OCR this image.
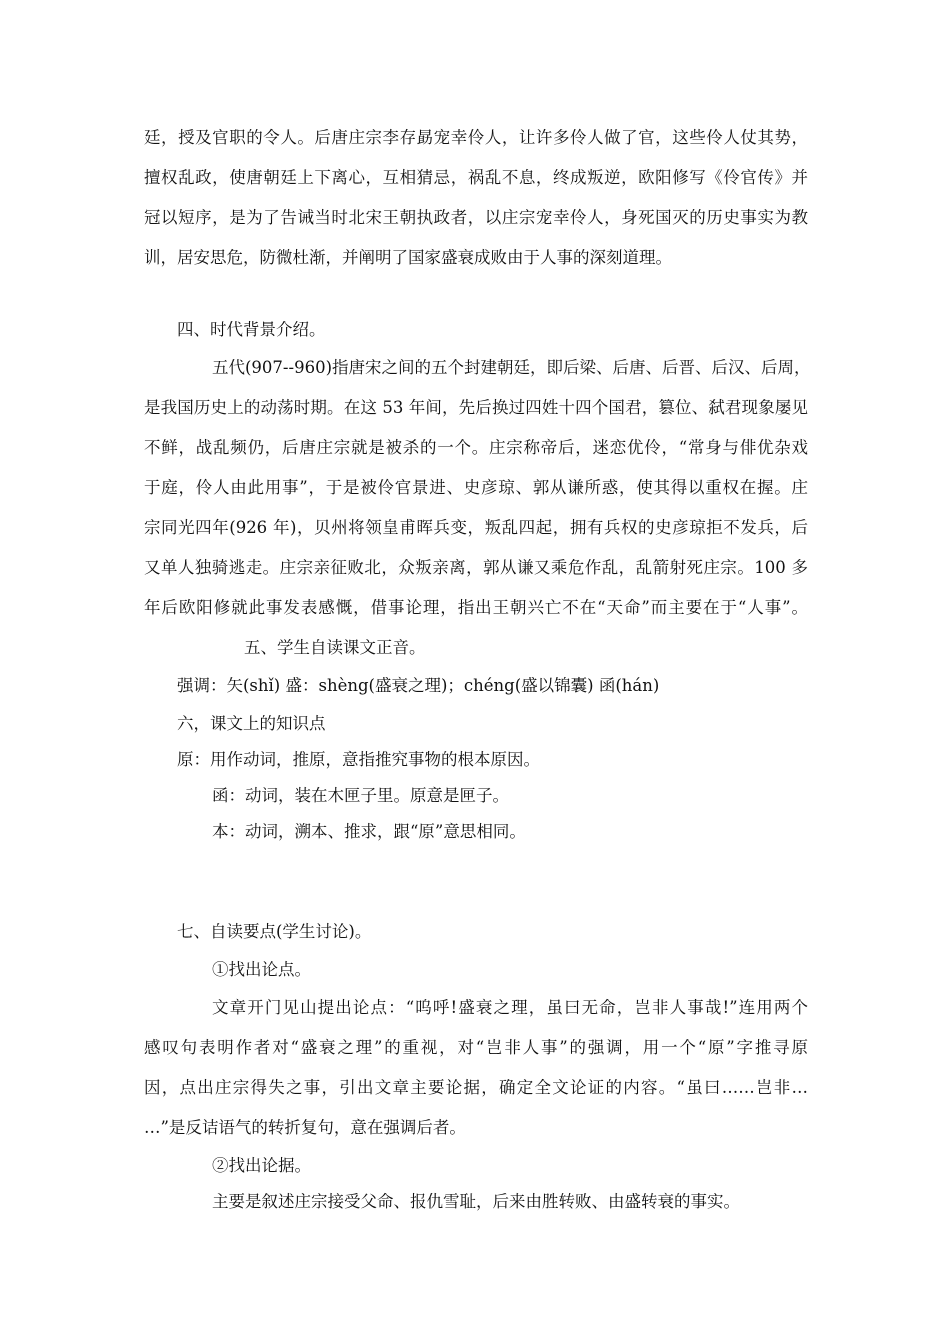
廷，授及官职的令人。后唐庄宗李存勗宠幸伶人，让许多伶人做了官，这些伶人仗其势，
擅权乱政，使唐朝廷上下离心，互相猜忌，祸乱不息，终成叛逆，欧阳修写《伶官传》并
冠以短序，是为了告诫当时北宋王朝执政者，以庄宗宠幸伶人，身死国灭的历史事实为教
训，居安思危，防微杜渐，并阐明了国家盛衰成败由于人事的深刻道理。
四、时代背景介绍。
五代(907--960)指唐宋之间的五个封建朝廷，即后梁、后唐、后晋、后汉、后周，
是我国历史上的动荡时期。在这 53 年间，先后换过四姓十四个国君，篡位、弑君现象屡见
不鲜，战乱频仍，后唐庄宗就是被杀的一个。庄宗称帝后，迷恋优伶，“常身与俳优杂戏
于庭，伶人由此用事”，于是被伶官景进、史彦琼、郭从谦所惑，使其得以重权在握。庄
宗同光四年(926 年)，贝州将领皇甫晖兵变，叛乱四起，拥有兵权的史彦琼拒不发兵，后
又单人独骑逃走。庄宗亲征败北，众叛亲离，郭从谦又乘危作乱，乱箭射死庄宗。100 多
年后欧阳修就此事发表感慨，借事论理，指出王朝兴亡不在“天命”而主要在于“人事”。
五、学生自读课文正音。
强调：矢(shǐ) 盛：shèng(盛衰之理)；chéng(盛以锦囊) 函(hán)
六，课文上的知识点
原：用作动词，推原，意指推究事物的根本原因。
函：动词，装在木匣子里。原意是匣子。
本：动词，溯本、推求，跟“原”意思相同。
七、自读要点(学生讨论)。
①找出论点。
文章开门见山提出论点：“呜呼!盛衰之理，虽曰无命，岂非人事哉!”连用两个
感叹句表明作者对“盛衰之理”的重视，对“岂非人事”的强调，用一个“原”字推寻原
因，点出庄宗得失之事，引出文章主要论据，确定全文论证的内容。“虽曰……岂非…
…”是反诘语气的转折复句，意在强调后者。
②找出论据。
主要是叙述庄宗接受父命、报仇雪耻，后来由胜转败、由盛转衰的事实。
